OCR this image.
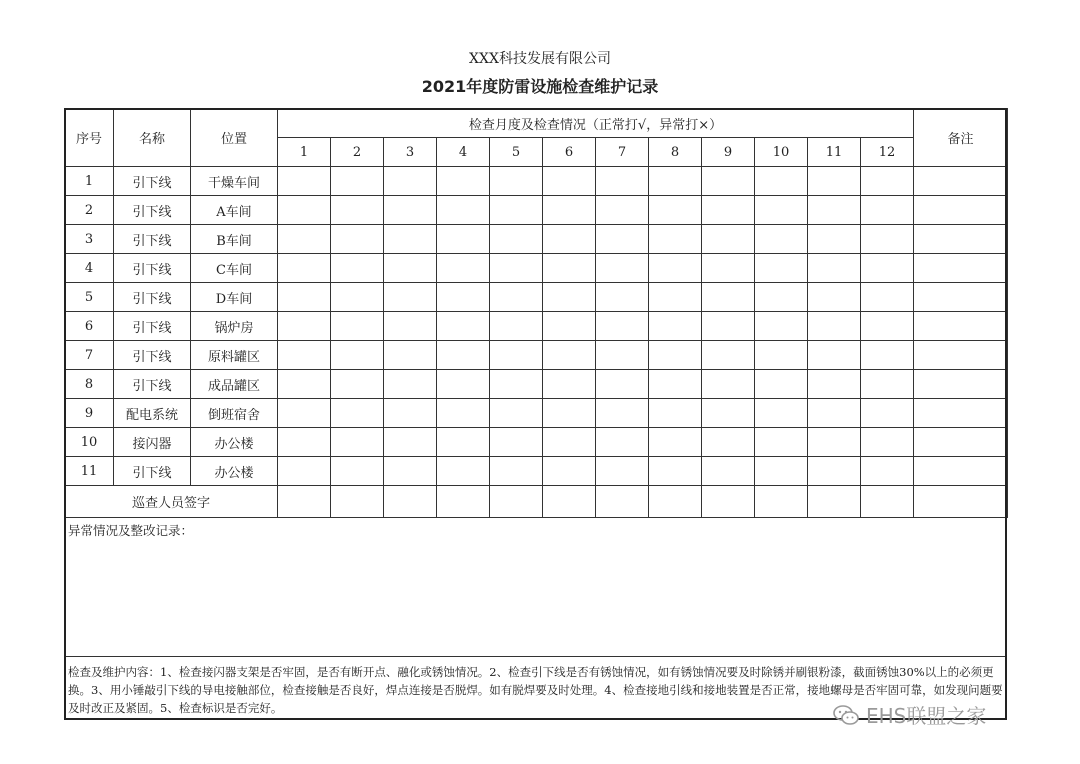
XXX科技发展有限公司
2021年度防雷设施检查维护记录
序号	名称	位置	检查月度及检查情况（正常打√，异常打×）												备注
			1	2	3	4	5	6	7	8	9	10	11	12	
1	引下线	干燥车间													
2	引下线	A车间													
3	引下线	B车间													
4	引下线	C车间													
5	引下线	D车间													
6	引下线	锅炉房													
7	引下线	原料罐区													
8	引下线	成品罐区													
9	配电系统	倒班宿舍													
10	接闪器	办公楼													
11	引下线	办公楼													
巡查人员签字															
异常情况及整改记录：
检查及维护内容：1、检查接闪器支架是否牢固，是否有断开点、融化或锈蚀情况。2、检查引下线是否有锈蚀情况，如有锈蚀情况要及时除锈并刷银粉漆，截面锈蚀30%以上的必须更换。3、用小锤敲引下线的导电接触部位，检查接触是否良好，焊点连接是否脱焊。如有脱焊要及时处理。4、检查接地引线和接地装置是否正常，接地螺母是否牢固可靠，如发现问题要及时改正及紧固。5、检查标识是否完好。	EHS联盟之家
